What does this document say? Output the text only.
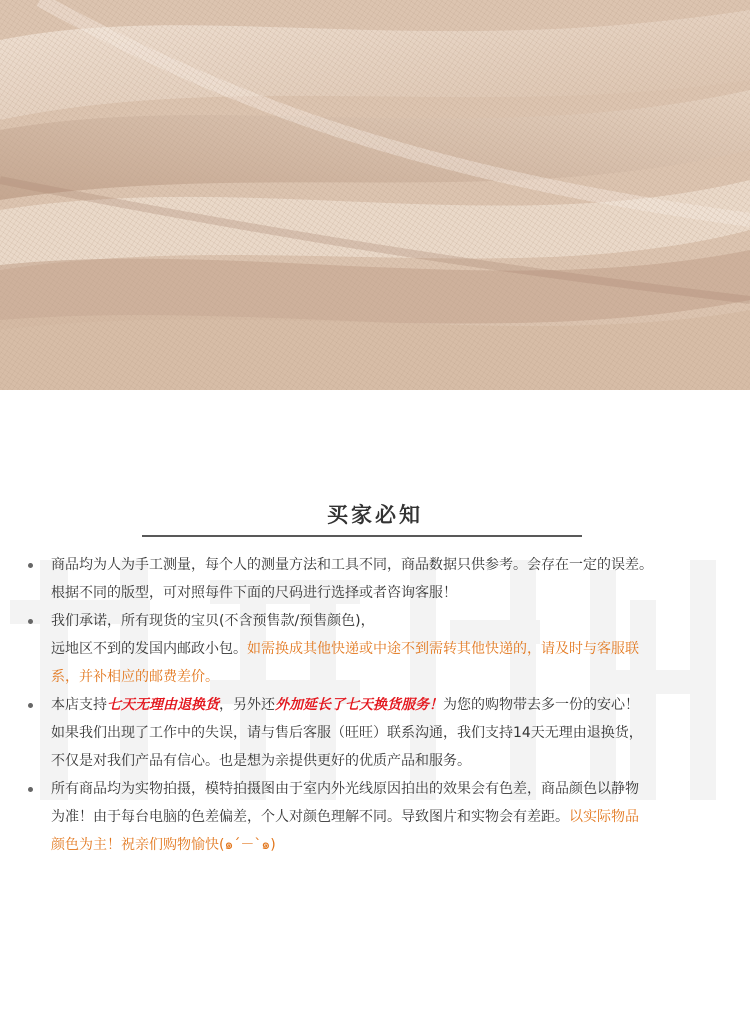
买家必知
商品均为人为手工测量，每个人的测量方法和工具不同，商品数据只供参考。会存在一定的误差。
根据不同的版型，可对照每件下面的尺码进行选择或者咨询客服！
我们承诺，所有现货的宝贝(不含预售款/预售颜色)，
远地区不到的发国内邮政小包。如需换成其他快递或中途不到需转其他快递的，请及时与客服联
系，并补相应的邮费差价。
本店支持七天无理由退换货，另外还外加延长了七天换货服务！为您的购物带去多一份的安心！
如果我们出现了工作中的失误，请与售后客服（旺旺）联系沟通，我们支持14天无理由退换货，
不仅是对我们产品有信心。也是想为亲提供更好的优质产品和服务。
所有商品均为实物拍摄，模特拍摄图由于室内外光线原因拍出的效果会有色差，商品颜色以静物
为准！由于每台电脑的色差偏差，个人对颜色理解不同。导致图片和实物会有差距。以实际物品
颜色为主！祝亲们购物愉快(๑ˊ－ˋ๑)
